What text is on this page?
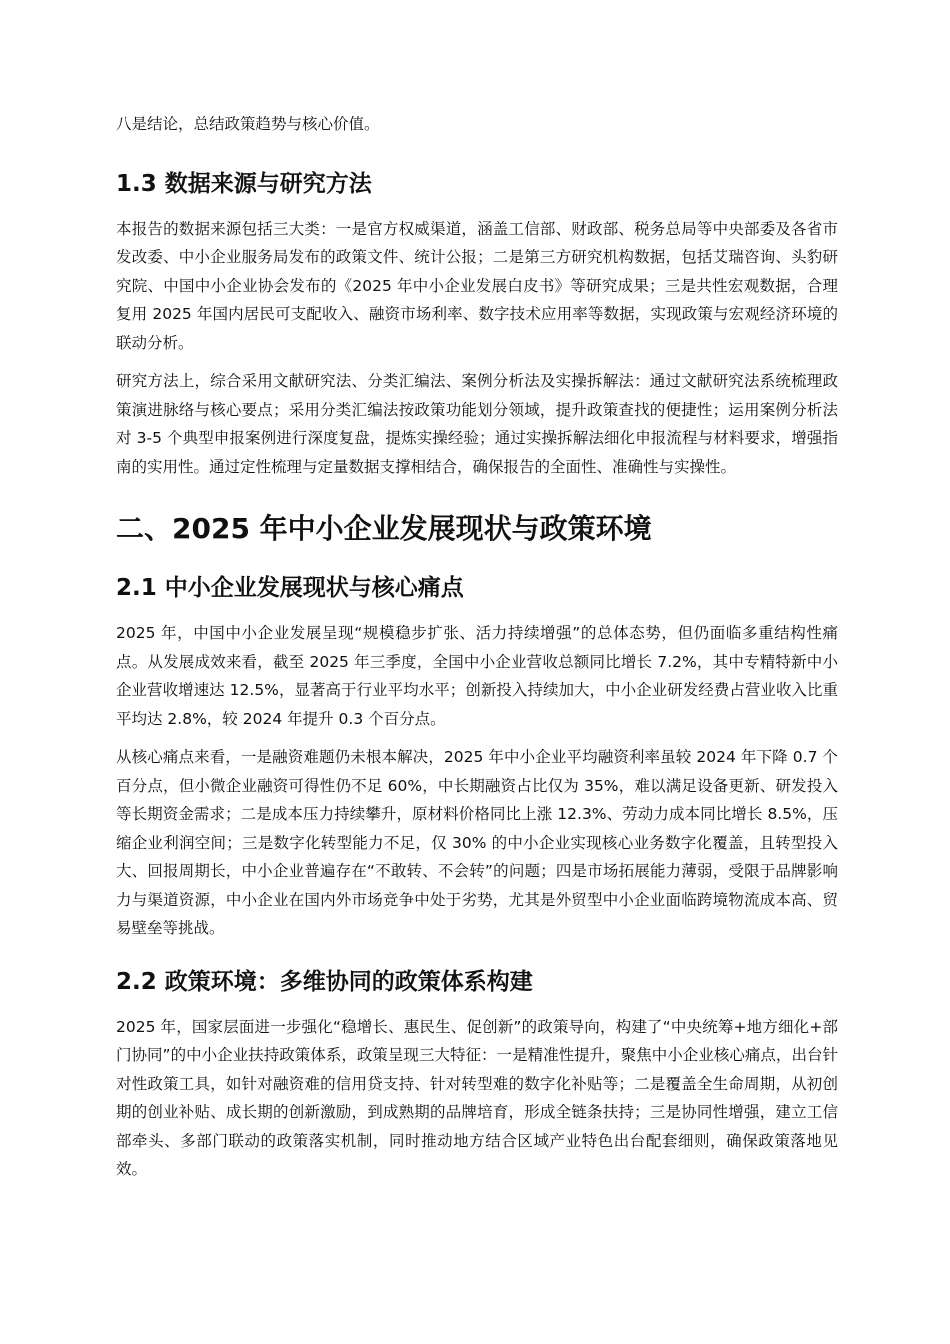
八是结论，总结政策趋势与核心价值。

1.3 数据来源与研究方法

本报告的数据来源包括三大类：一是官方权威渠道，涵盖工信部、财政部、税务总局等中央部委及各省市发改委、中小企业服务局发布的政策文件、统计公报；二是第三方研究机构数据，包括艾瑞咨询、头豹研究院、中国中小企业协会发布的《2025 年中小企业发展白皮书》等研究成果；三是共性宏观数据，合理复用 2025 年国内居民可支配收入、融资市场利率、数字技术应用率等数据，实现政策与宏观经济环境的联动分析。

研究方法上，综合采用文献研究法、分类汇编法、案例分析法及实操拆解法：通过文献研究法系统梳理政策演进脉络与核心要点；采用分类汇编法按政策功能划分领域，提升政策查找的便捷性；运用案例分析法对 3-5 个典型申报案例进行深度复盘，提炼实操经验；通过实操拆解法细化申报流程与材料要求，增强指南的实用性。通过定性梳理与定量数据支撑相结合，确保报告的全面性、准确性与实操性。

二、2025 年中小企业发展现状与政策环境
2.1 中小企业发展现状与核心痛点

2025 年，中国中小企业发展呈现“规模稳步扩张、活力持续增强”的总体态势，但仍面临多重结构性痛点。从发展成效来看，截至 2025 年三季度，全国中小企业营收总额同比增长 7.2%，其中专精特新中小企业营收增速达 12.5%，显著高于行业平均水平；创新投入持续加大，中小企业研发经费占营业收入比重平均达 2.8%，较 2024 年提升 0.3 个百分点。

从核心痛点来看，一是融资难题仍未根本解决，2025 年中小企业平均融资利率虽较 2024 年下降 0.7 个百分点，但小微企业融资可得性仍不足 60%，中长期融资占比仅为 35%，难以满足设备更新、研发投入等长期资金需求；二是成本压力持续攀升，原材料价格同比上涨 12.3%、劳动力成本同比增长 8.5%，压缩企业利润空间；三是数字化转型能力不足，仅 30% 的中小企业实现核心业务数字化覆盖，且转型投入大、回报周期长，中小企业普遍存在“不敢转、不会转”的问题；四是市场拓展能力薄弱，受限于品牌影响力与渠道资源，中小企业在国内外市场竞争中处于劣势，尤其是外贸型中小企业面临跨境物流成本高、贸易壁垒等挑战。

2.2 政策环境：多维协同的政策体系构建

2025 年，国家层面进一步强化“稳增长、惠民生、促创新”的政策导向，构建了“中央统筹+地方细化+部门协同”的中小企业扶持政策体系，政策呈现三大特征：一是精准性提升，聚焦中小企业核心痛点，出台针对性政策工具，如针对融资难的信用贷支持、针对转型难的数字化补贴等；二是覆盖全生命周期，从初创期的创业补贴、成长期的创新激励，到成熟期的品牌培育，形成全链条扶持；三是协同性增强，建立工信部牵头、多部门联动的政策落实机制，同时推动地方结合区域产业特色出台配套细则，确保政策落地见效。
